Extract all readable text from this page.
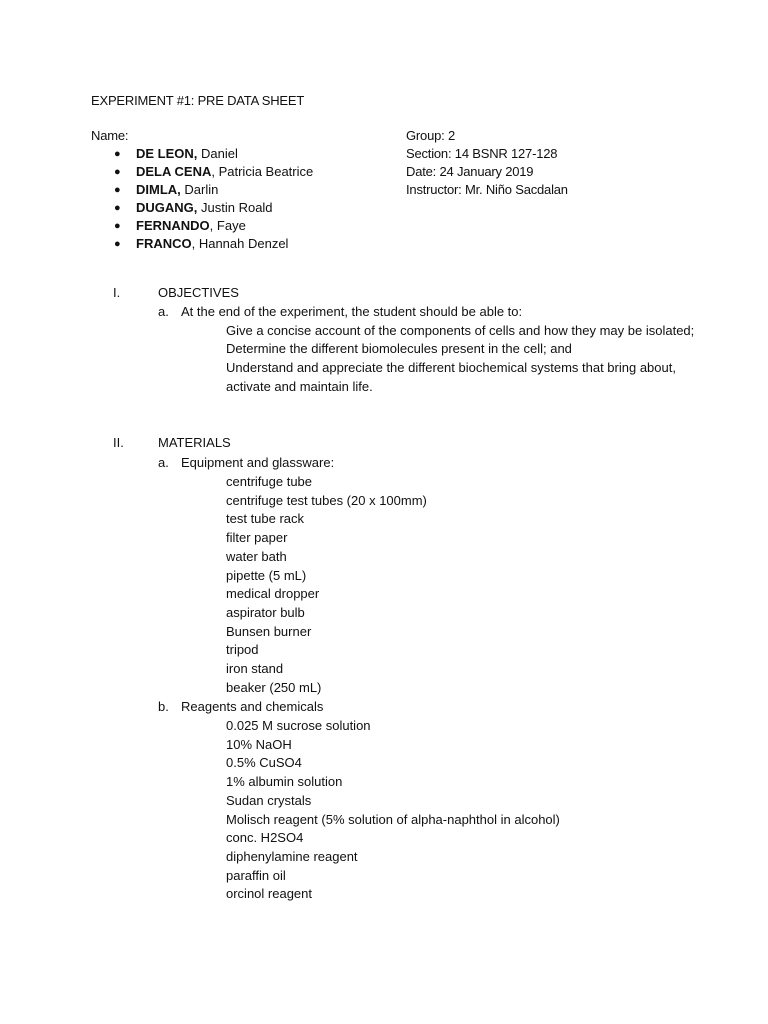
EXPERIMENT #1: PRE DATA SHEET
Name:
● DE LEON, Daniel
● DELA CENA, Patricia Beatrice
● DIMLA, Darlin
● DUGANG, Justin Roald
● FERNANDO, Faye
● FRANCO, Hannah Denzel
Group: 2
Section: 14 BSNR 127-128
Date: 24 January 2019
Instructor: Mr. Niño Sacdalan
I.	OBJECTIVES
a. At the end of the experiment, the student should be able to:
Give a concise account of the components of cells and how they may be isolated;
Determine the different biomolecules present in the cell; and
Understand and appreciate the different biochemical systems that bring about,
activate and maintain life.
II.	MATERIALS
a. Equipment and glassware:
centrifuge tube
centrifuge test tubes (20 x 100mm)
test tube rack
filter paper
water bath
pipette (5 mL)
medical dropper
aspirator bulb
Bunsen burner
tripod
iron stand
beaker (250 mL)
b. Reagents and chemicals
0.025 M sucrose solution
10% NaOH
0.5% CuSO4
1% albumin solution
Sudan crystals
Molisch reagent (5% solution of alpha-naphthol in alcohol)
conc. H2SO4
diphenylamine reagent
paraffin oil
orcinol reagent
